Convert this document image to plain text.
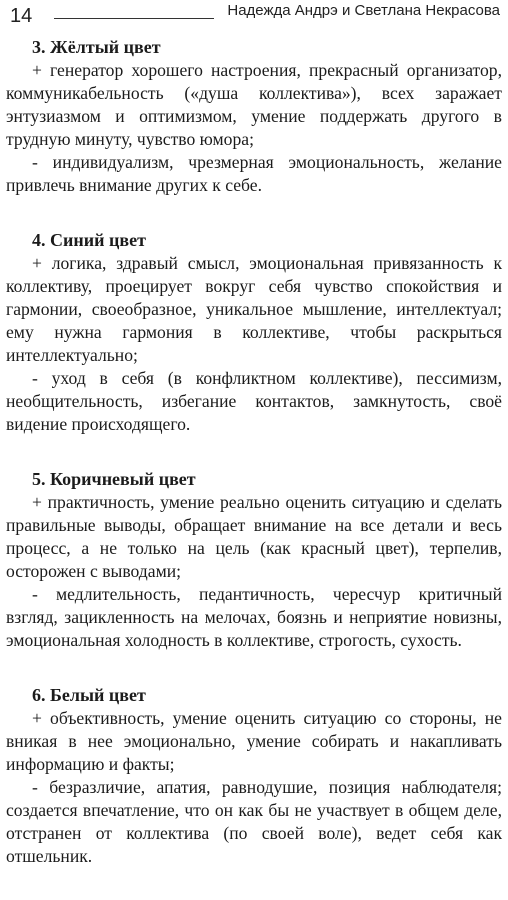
14	Надежда Андрэ и Светлана Некрасова

3. Жёлтый цвет

+ генератор хорошего настроения, прекрасный организатор, коммуникабельность («душа коллектива»), всех заражает энтузиазмом и оптимизмом, умение поддержать другого в трудную минуту, чувство юмора;

- индивидуализм, чрезмерная эмоциональность, желание привлечь внимание других к себе.

4. Синий цвет

+ логика, здравый смысл, эмоциональная привязанность к коллективу, проецирует вокруг себя чувство спокойствия и гармонии, своеобразное, уникальное мышление, интеллектуал; ему нужна гармония в коллективе, чтобы раскрыться интеллектуально;

- уход в себя (в конфликтном коллективе), пессимизм, необщительность, избегание контактов, замкнутость, своё видение происходящего.

5. Коричневый цвет

+ практичность, умение реально оценить ситуацию и сделать правильные выводы, обращает внимание на все детали и весь процесс, а не только на цель (как красный цвет), терпелив, осторожен с выводами;

- медлительность, педантичность, чересчур критичный взгляд, зацикленность на мелочах, боязнь и неприятие новизны, эмоциональная холодность в коллективе, строгость, сухость.

6. Белый цвет

+ объективность, умение оценить ситуацию со стороны, не вникая в нее эмоционально, умение собирать и накапливать информацию и факты;

- безразличие, апатия, равнодушие, позиция наблюдателя; создается впечатление, что он как бы не участвует в общем деле, отстранен от коллектива (по своей воле), ведет себя как отшельник.
